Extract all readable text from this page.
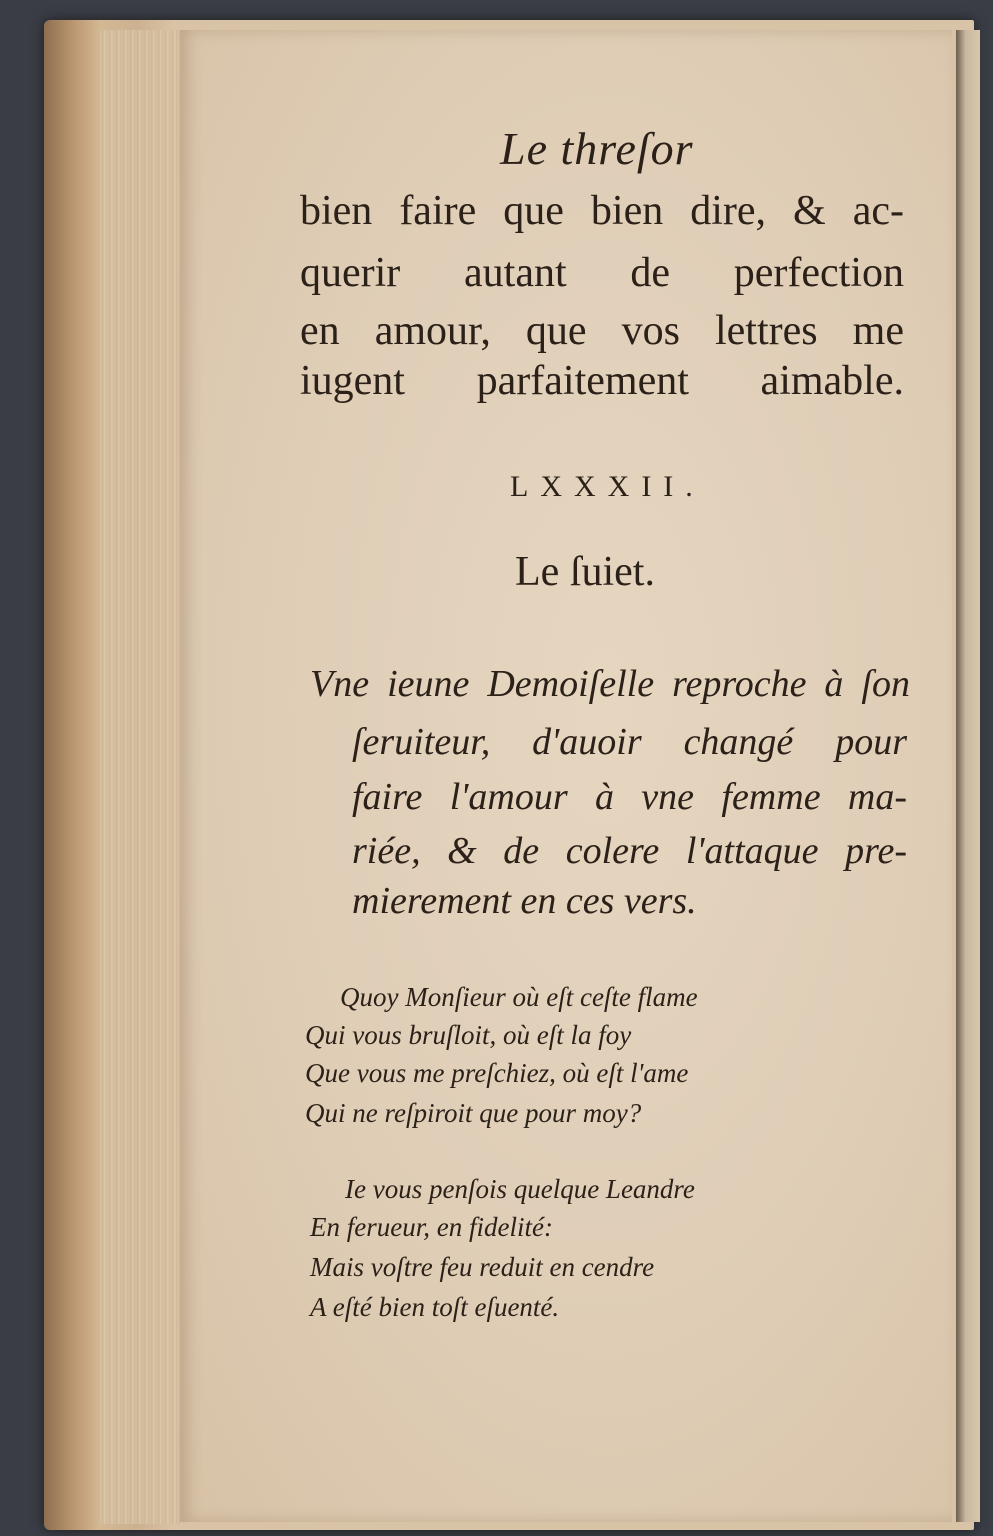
Le threſor
bien faire que bien dire, & ac-
querir autant de perfection
en amour, que vos lettres me
iugent parfaitement aimable.
LXXXII.
Le ſuiet.
Vne ieune Demoiſelle reproche à ſon
ſeruiteur, d'auoir changé pour
faire l'amour à vne femme ma-
riée, & de colere l'attaque pre-
mierement en ces vers.
Quoy Monſieur où eſt ceſte flame
Qui vous bruſloit, où eſt la foy
Que vous me preſchiez, où eſt l'ame
Qui ne reſpiroit que pour moy?
Ie vous penſois quelque Leandre
En ferueur, en fidelité:
Mais voſtre feu reduit en cendre
A eſté bien toſt eſuenté.
